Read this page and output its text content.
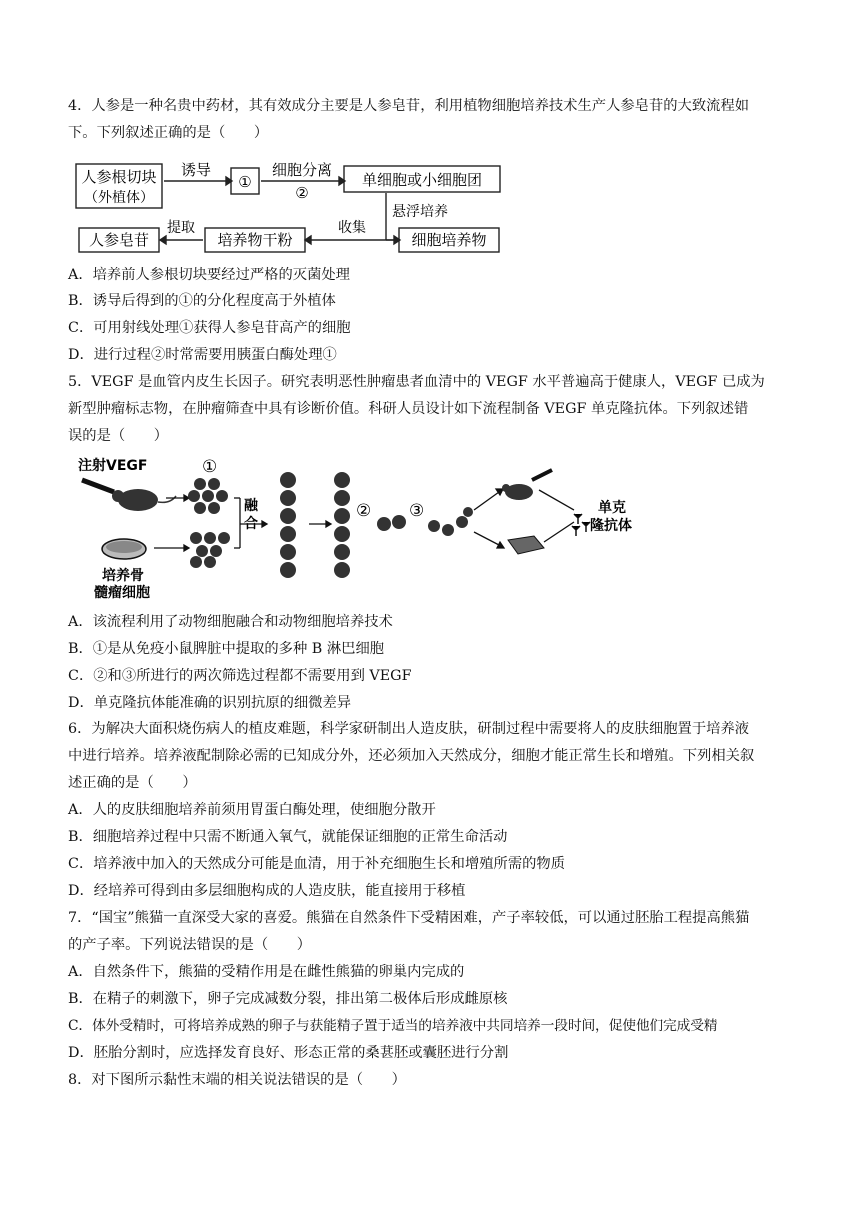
4．人参是一种名贵中药材，其有效成分主要是人参皂苷，利用植物细胞培养技术生产人参皂苷的大致流程如
下。下列叙述正确的是（　　）
人参根切块
（外植体）
诱导
①
细胞分离
②
单细胞或小细胞团
悬浮培养
细胞培养物
收集
培养物干粉
提取
人参皂苷
A．培养前人参根切块要经过严格的灭菌处理
B．诱导后得到的①的分化程度高于外植体
C．可用射线处理①获得人参皂苷高产的细胞
D．进行过程②时常需要用胰蛋白酶处理①
5．VEGF 是血管内皮生长因子。研究表明恶性肿瘤患者血清中的 VEGF 水平普遍高于健康人，VEGF 已成为
新型肿瘤标志物，在肿瘤筛查中具有诊断价值。科研人员设计如下流程制备 VEGF 单克隆抗体。下列叙述错
误的是（　　）
注射VEGF	①
融
合
② ③
培养骨
髓瘤细胞
单克
隆抗体
A．该流程利用了动物细胞融合和动物细胞培养技术
B．①是从免疫小鼠脾脏中提取的多种 B 淋巴细胞
C．②和③所进行的两次筛选过程都不需要用到 VEGF
D．单克隆抗体能准确的识别抗原的细微差异
6．为解决大面积烧伤病人的植皮难题，科学家研制出人造皮肤，研制过程中需要将人的皮肤细胞置于培养液
中进行培养。培养液配制除必需的已知成分外，还必须加入天然成分，细胞才能正常生长和增殖。下列相关叙
述正确的是（　　）
A．人的皮肤细胞培养前须用胃蛋白酶处理，使细胞分散开
B．细胞培养过程中只需不断通入氧气，就能保证细胞的正常生命活动
C．培养液中加入的天然成分可能是血清，用于补充细胞生长和增殖所需的物质
D．经培养可得到由多层细胞构成的人造皮肤，能直接用于移植
7．“国宝”熊猫一直深受大家的喜爱。熊猫在自然条件下受精困难，产子率较低，可以通过胚胎工程提高熊猫
的产子率。下列说法错误的是（　　）
A．自然条件下，熊猫的受精作用是在雌性熊猫的卵巢内完成的
B．在精子的刺激下，卵子完成减数分裂，排出第二极体后形成雌原核
C．体外受精时，可将培养成熟的卵子与获能精子置于适当的培养液中共同培养一段时间，促使他们完成受精
D．胚胎分割时，应选择发育良好、形态正常的桑葚胚或囊胚进行分割
8．对下图所示黏性末端的相关说法错误的是（　　）
